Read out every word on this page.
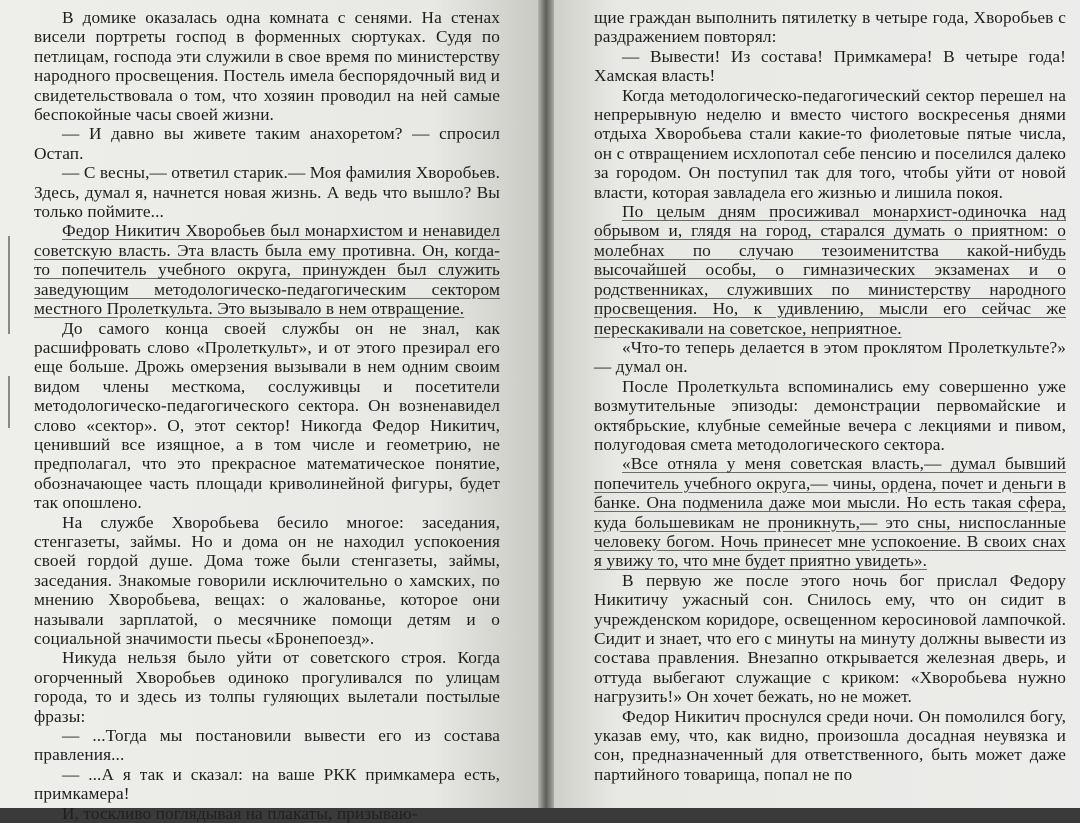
В домике оказалась одна комната с сенями. На стенах висели портреты господ в форменных сюртуках. Судя по петлицам, господа эти служили в свое время по министерству народного просвещения. Постель имела беспорядочный вид и свидетельствовала о том, что хозяин проводил на ней самые беспокойные часы своей жизни.

— И давно вы живете таким анахоретом? — спросил Остап.

— С весны,— ответил старик.— Моя фамилия Хворобьев. Здесь, думал я, начнется новая жизнь. А ведь что вышло? Вы только поймите...

Федор Никитич Хворобьев был монархистом и ненавидел советскую власть. Эта власть была ему противна. Он, когда-то попечитель учебного округа, принужден был служить заведующим методологическо-педагогическим сектором местного Пролеткульта. Это вызывало в нем отвращение.

До самого конца своей службы он не знал, как расшифровать слово «Пролеткульт», и от этого презирал его еще больше. Дрожь омерзения вызывали в нем одним своим видом члены месткома, сослуживцы и посетители методологическо-педагогического сектора. Он возненавидел слово «сектор». О, этот сектор! Никогда Федор Никитич, ценивший все изящное, а в том числе и геометрию, не предполагал, что это прекрасное математическое понятие, обозначающее часть площади криволинейной фигуры, будет так опошлено.

На службе Хворобьева бесило многое: заседания, стенгазеты, займы. Но и дома он не находил успокоения своей гордой душе. Дома тоже были стенгазеты, займы, заседания. Знакомые говорили исключительно о хамских, по мнению Хворобьева, вещах: о жалованье, которое они называли зарплатой, о месячнике помощи детям и о социальной значимости пьесы «Бронепоезд».

Никуда нельзя было уйти от советского строя. Когда огорченный Хворобьев одиноко прогуливался по улицам города, то и здесь из толпы гуляющих вылетали постылые фразы:

— ...Тогда мы постановили вывести его из состава правления...

— ...А я так и сказал: на ваше РКК примкамера есть, примкамера!

И, тоскливо поглядывая на плакаты, призываю-

щие граждан выполнить пятилетку в четыре года, Хворобьев с раздражением повторял:

— Вывести! Из состава! Примкамера! В четыре года! Хамская власть!

Когда методологическо-педагогический сектор перешел на непрерывную неделю и вместо чистого воскресенья днями отдыха Хворобьева стали какие-то фиолетовые пятые числа, он с отвращением исхлопотал себе пенсию и поселился далеко за городом. Он поступил так для того, чтобы уйти от новой власти, которая завладела его жизнью и лишила покоя.

По целым дням просиживал монархист-одиночка над обрывом и, глядя на город, старался думать о приятном: о молебнах по случаю тезоименитства какой-нибудь высочайшей особы, о гимназических экзаменах и о родственниках, служивших по министерству народного просвещения. Но, к удивлению, мысли его сейчас же перескакивали на советское, неприятное.

«Что-то теперь делается в этом проклятом Пролеткульте?» — думал он.

После Пролеткульта вспоминались ему совершенно уже возмутительные эпизоды: демонстрации первомайские и октябрьские, клубные семейные вечера с лекциями и пивом, полугодовая смета методологического сектора.

«Все отняла у меня советская власть,— думал бывший попечитель учебного округа,— чины, ордена, почет и деньги в банке. Она подменила даже мои мысли. Но есть такая сфера, куда большевикам не проникнуть,— это сны, ниспосланные человеку богом. Ночь принесет мне успокоение. В своих снах я увижу то, что мне будет приятно увидеть».

В первую же после этого ночь бог прислал Федору Никитичу ужасный сон. Снилось ему, что он сидит в учрежденском коридоре, освещенном керосиновой лампочкой. Сидит и знает, что его с минуты на минуту должны вывести из состава правления. Внезапно открывается железная дверь, и оттуда выбегают служащие с криком: «Хворобьева нужно нагрузить!» Он хочет бежать, но не может.

Федор Никитич проснулся среди ночи. Он помолился богу, указав ему, что, как видно, произошла досадная неувязка и сон, предназначенный для ответственного, быть может даже партийного товарища, попал не по
